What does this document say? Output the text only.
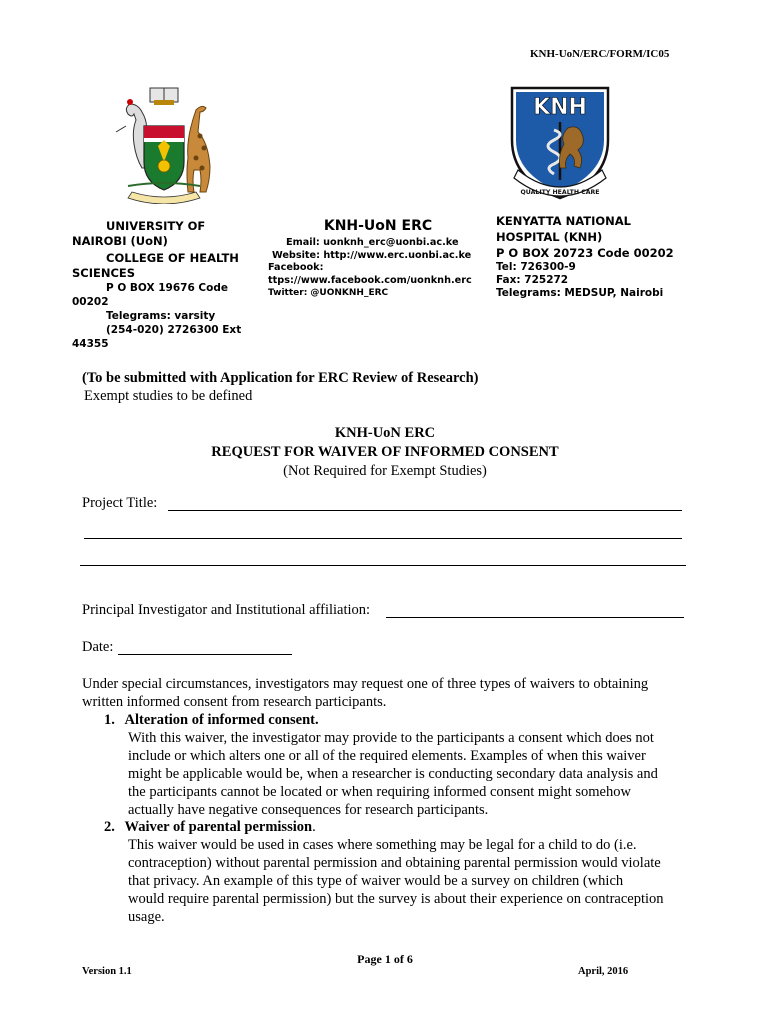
KNH-UoN/ERC/FORM/IC05
KNH
QUALITY HEALTH CARE
UNIVERSITY OF
NAIROBI (UoN)
COLLEGE OF HEALTH
SCIENCES
P O BOX 19676 Code
00202
Telegrams: varsity
(254-020) 2726300 Ext
44355
KNH-UoN ERC
Email: uonknh_erc@uonbi.ac.ke
Website: http://www.erc.uonbi.ac.ke
Facebook:
ttps://www.facebook.com/uonknh.erc
Twitter: @UONKNH_ERC
KENYATTA NATIONAL
HOSPITAL (KNH)
P O BOX 20723 Code 00202
Tel: 726300-9
Fax: 725272
Telegrams: MEDSUP, Nairobi
(To be submitted with Application for ERC Review of Research)
Exempt studies to be defined
KNH-UoN ERC
REQUEST FOR WAIVER OF INFORMED CONSENT
(Not Required for Exempt Studies)
Project Title:
Principal Investigator and Institutional affiliation:
Date:
Under special circumstances, investigators may request one of three types of waivers to obtaining
written informed consent from research participants.
1. Alteration of informed consent.
With this waiver, the investigator may provide to the participants a consent which does not
include or which alters one or all of the required elements. Examples of when this waiver
might be applicable would be, when a researcher is conducting secondary data analysis and
the participants cannot be located or when requiring informed consent might somehow
actually have negative consequences for research participants.
2. Waiver of parental permission.
This waiver would be used in cases where something may be legal for a child to do (i.e.
contraception) without parental permission and obtaining parental permission would violate
that privacy. An example of this type of waiver would be a survey on children (which
would require parental permission) but the survey is about their experience on contraception
usage.
Page 1 of 6
Version 1.1	April, 2016
